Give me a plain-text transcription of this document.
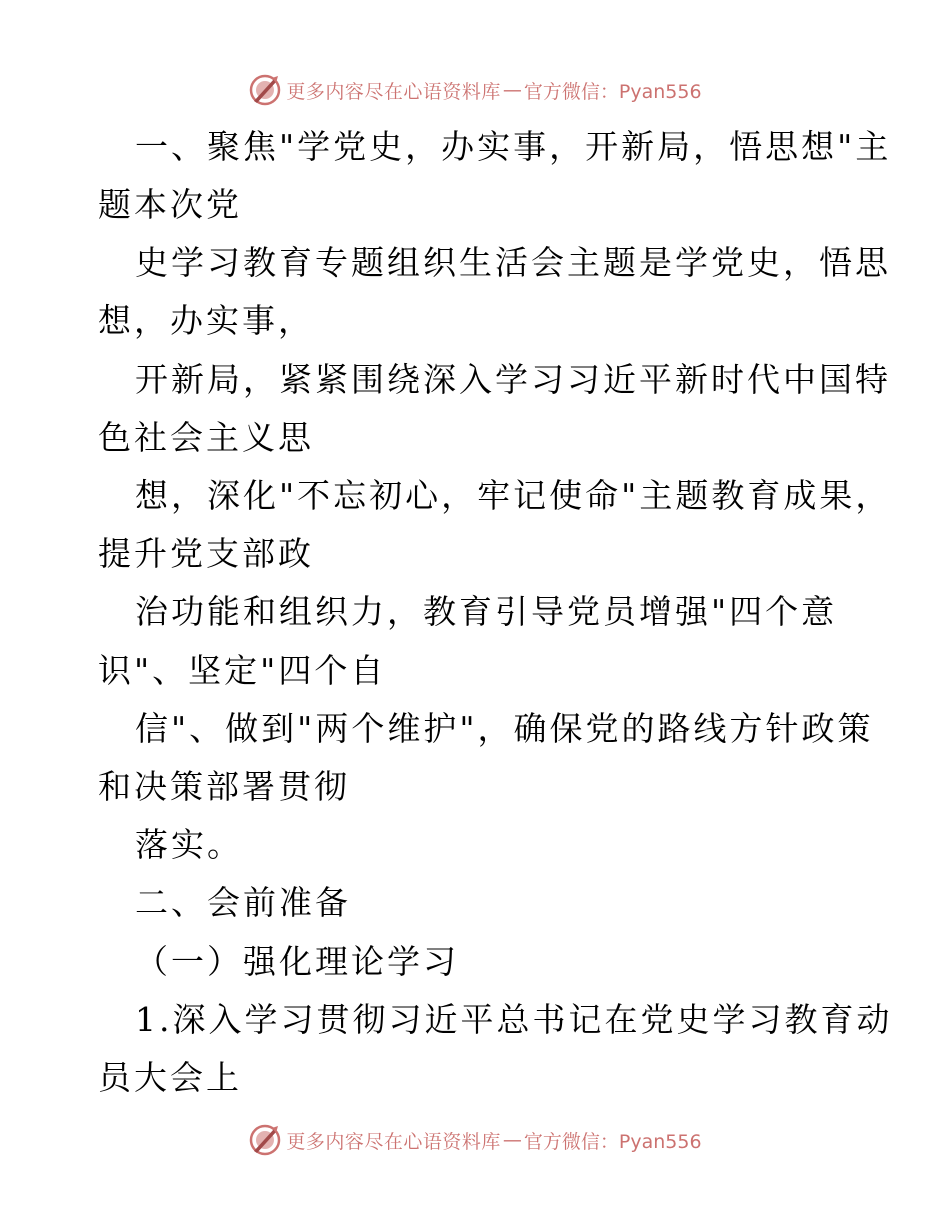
更多内容尽在心语资料库 — 官方微信：Pyan556
一、聚焦"学党史，办实事，开新局，悟思想"主
题本次党
史学习教育专题组织生活会主题是学党史，悟思
想，办实事，
开新局，紧紧围绕深入学习习近平新时代中国特
色社会主义思
想，深化"不忘初心，牢记使命"主题教育成果，
提升党支部政
治功能和组织力，教育引导党员增强"四个意
识"、坚定"四个自
信"、做到"两个维护"，确保党的路线方针政策
和决策部署贯彻
落实。
二、会前准备
（一）强化理论学习
1.深入学习贯彻习近平总书记在党史学习教育动
员大会上
更多内容尽在心语资料库 — 官方微信：Pyan556
